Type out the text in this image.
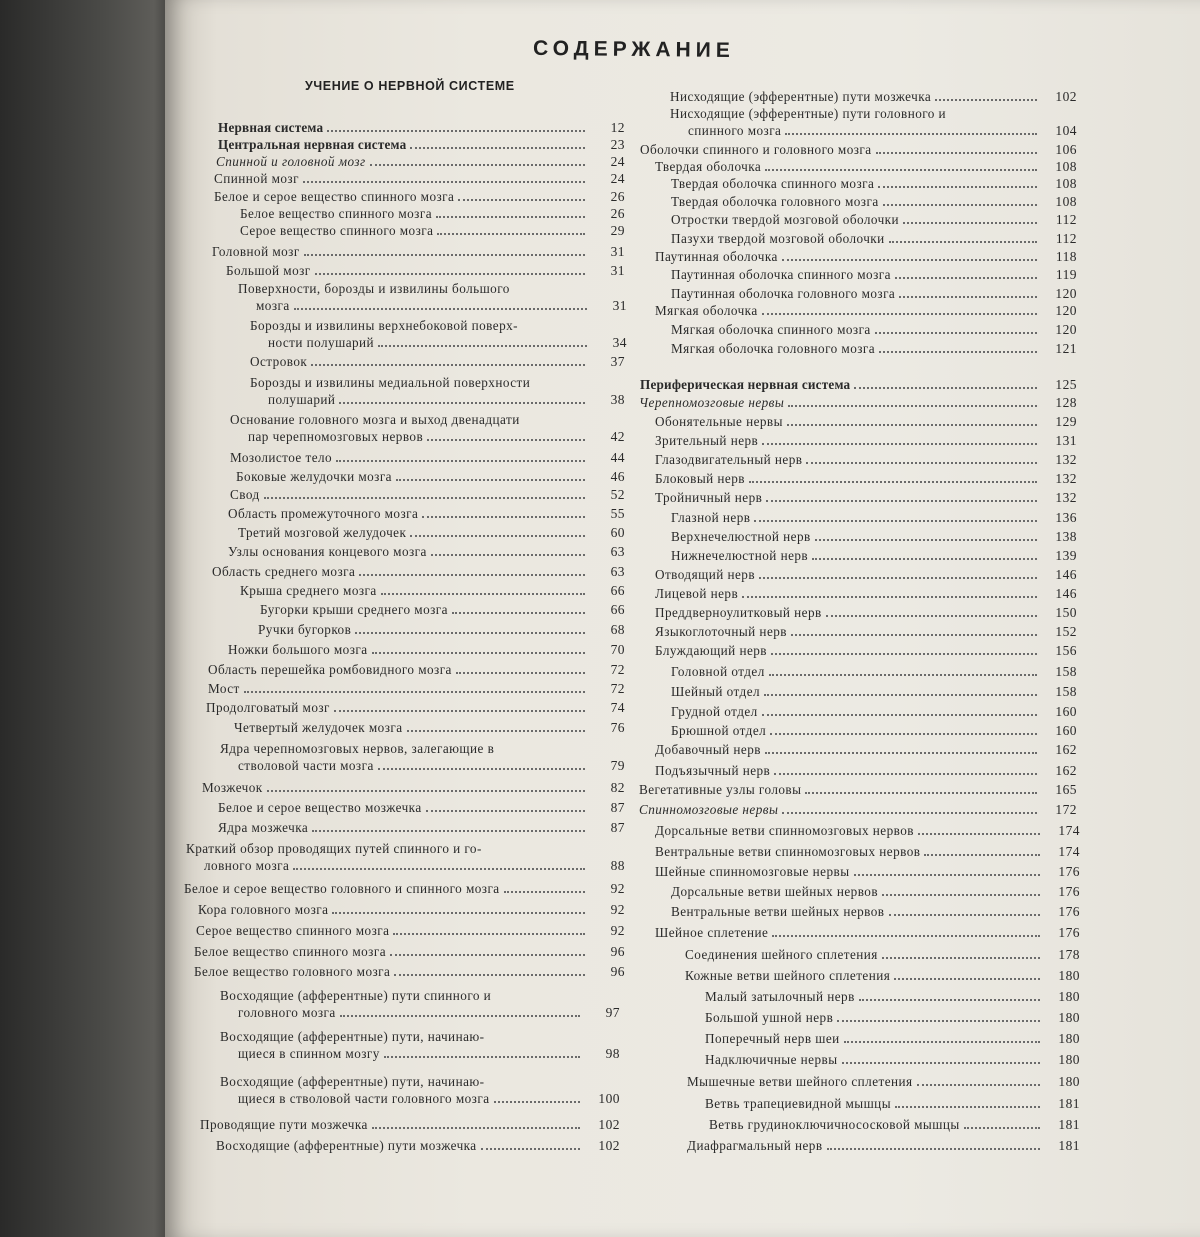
СОДЕРЖАНИЕ
УЧЕНИЕ О НЕРВНОЙ СИСТЕМЕ
Нервная система	12
Центральная нервная система	23
Спинной и головной мозг	24
Спинной мозг	24
Белое и серое вещество спинного мозга	26
Белое вещество спинного мозга	26
Серое вещество спинного мозга	29
Головной мозг	31
Большой мозг	31
Поверхности, борозды и извилины большого
мозга	31
Борозды и извилины верхнебоковой поверх-
ности полушарий	34
Островок	37
Борозды и извилины медиальной поверхности
полушарий	38
Основание головного мозга и выход двенадцати
пар черепномозговых нервов	42
Мозолистое тело	44
Боковые желудочки мозга	46
Свод	52
Область промежуточного мозга	55
Третий мозговой желудочек	60
Узлы основания концевого мозга	63
Область среднего мозга	63
Крыша среднего мозга	66
Бугорки крыши среднего мозга	66
Ручки бугорков	68
Ножки большого мозга	70
Область перешейка ромбовидного мозга	72
Мост	72
Продолговатый мозг	74
Четвертый желудочек мозга	76
Ядра черепномозговых нервов, залегающие в
стволовой части мозга	79
Мозжечок	82
Белое и серое вещество мозжечка	87
Ядра мозжечка	87
Краткий обзор проводящих путей спинного и го-
ловного мозга	88
Белое и серое вещество головного и спинного мозга	92
Кора головного мозга	92
Серое вещество спинного мозга	92
Белое вещество спинного мозга	96
Белое вещество головного мозга	96
Восходящие (афферентные) пути спинного и
головного мозга	97
Восходящие (афферентные) пути, начинаю-
щиеся в спинном мозгу	98
Восходящие (афферентные) пути, начинаю-
щиеся в стволовой части головного мозга	100
Проводящие пути мозжечка	102
Восходящие (афферентные) пути мозжечка	102
Нисходящие (эфферентные) пути мозжечка	102
Нисходящие (эфферентные) пути головного и
спинного мозга	104
Оболочки спинного и головного мозга	106
Твердая оболочка	108
Твердая оболочка спинного мозга	108
Твердая оболочка головного мозга	108
Отростки твердой мозговой оболочки	112
Пазухи твердой мозговой оболочки	112
Паутинная оболочка	118
Паутинная оболочка спинного мозга	119
Паутинная оболочка головного мозга	120
Мягкая оболочка	120
Мягкая оболочка спинного мозга	120
Мягкая оболочка головного мозга	121
Периферическая нервная система	125
Черепномозговые нервы	128
Обонятельные нервы	129
Зрительный нерв	131
Глазодвигательный нерв	132
Блоковый нерв	132
Тройничный нерв	132
Глазной нерв	136
Верхнечелюстной нерв	138
Нижнечелюстной нерв	139
Отводящий нерв	146
Лицевой нерв	146
Преддверноулитковый нерв	150
Языкоглоточный нерв	152
Блуждающий нерв	156
Головной отдел	158
Шейный отдел	158
Грудной отдел	160
Брюшной отдел	160
Добавочный нерв	162
Подъязычный нерв	162
Вегетативные узлы головы	165
Спинномозговые нервы	172
Дорсальные ветви спинномозговых нервов	174
Вентральные ветви спинномозговых нервов	174
Шейные спинномозговые нервы	176
Дорсальные ветви шейных нервов	176
Вентральные ветви шейных нервов	176
Шейное сплетение	176
Соединения шейного сплетения	178
Кожные ветви шейного сплетения	180
Малый затылочный нерв	180
Большой ушной нерв	180
Поперечный нерв шеи	180
Надключичные нервы	180
Мышечные ветви шейного сплетения	180
Ветвь трапециевидной мышцы	181
Ветвь грудиноключичнососковой мышцы	181
Диафрагмальный нерв	181
